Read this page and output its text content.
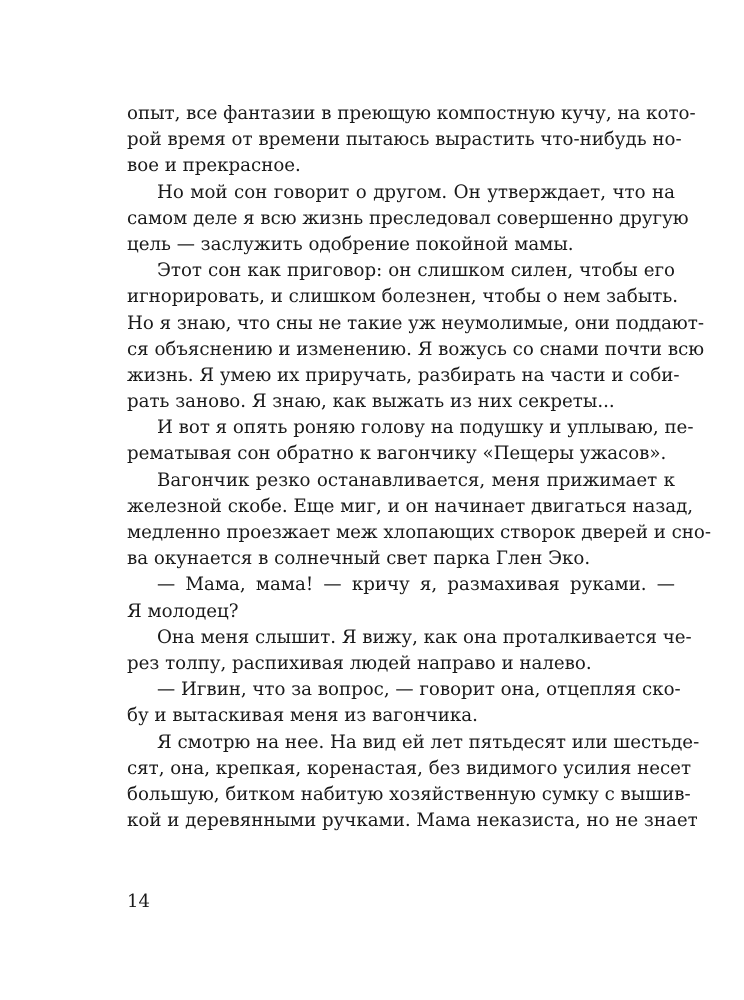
опыт, все фантазии в преющую компостную кучу, на кото-
рой время от времени пытаюсь вырастить что-нибудь но-
вое и прекрасное.
Но мой сон говорит о другом. Он утверждает, что на
самом деле я всю жизнь преследовал совершенно другую
цель — заслужить одобрение покойной мамы.
Этот сон как приговор: он слишком силен, чтобы его
игнорировать, и слишком болезнен, чтобы о нем забыть.
Но я знаю, что сны не такие уж неумолимые, они поддают-
ся объяснению и изменению. Я вожусь со снами почти всю
жизнь. Я умею их приручать, разбирать на части и соби-
рать заново. Я знаю, как выжать из них секреты...
И вот я опять роняю голову на подушку и уплываю, пе-
рематывая сон обратно к вагончику «Пещеры ужасов».
Вагончик резко останавливается, меня прижимает к
железной скобе. Еще миг, и он начинает двигаться назад,
медленно проезжает меж хлопающих створок дверей и сно-
ва окунается в солнечный свет парка Глен Эко.
— Мама, мама! — кричу я, размахивая руками. —
Я молодец?
Она меня слышит. Я вижу, как она проталкивается че-
рез толпу, распихивая людей направо и налево.
— Игвин, что за вопрос, — говорит она, отцепляя ско-
бу и вытаскивая меня из вагончика.
Я смотрю на нее. На вид ей лет пятьдесят или шестьде-
сят, она, крепкая, коренастая, без видимого усилия несет
большую, битком набитую хозяйственную сумку с вышив-
кой и деревянными ручками. Мама неказиста, но не знает
14
